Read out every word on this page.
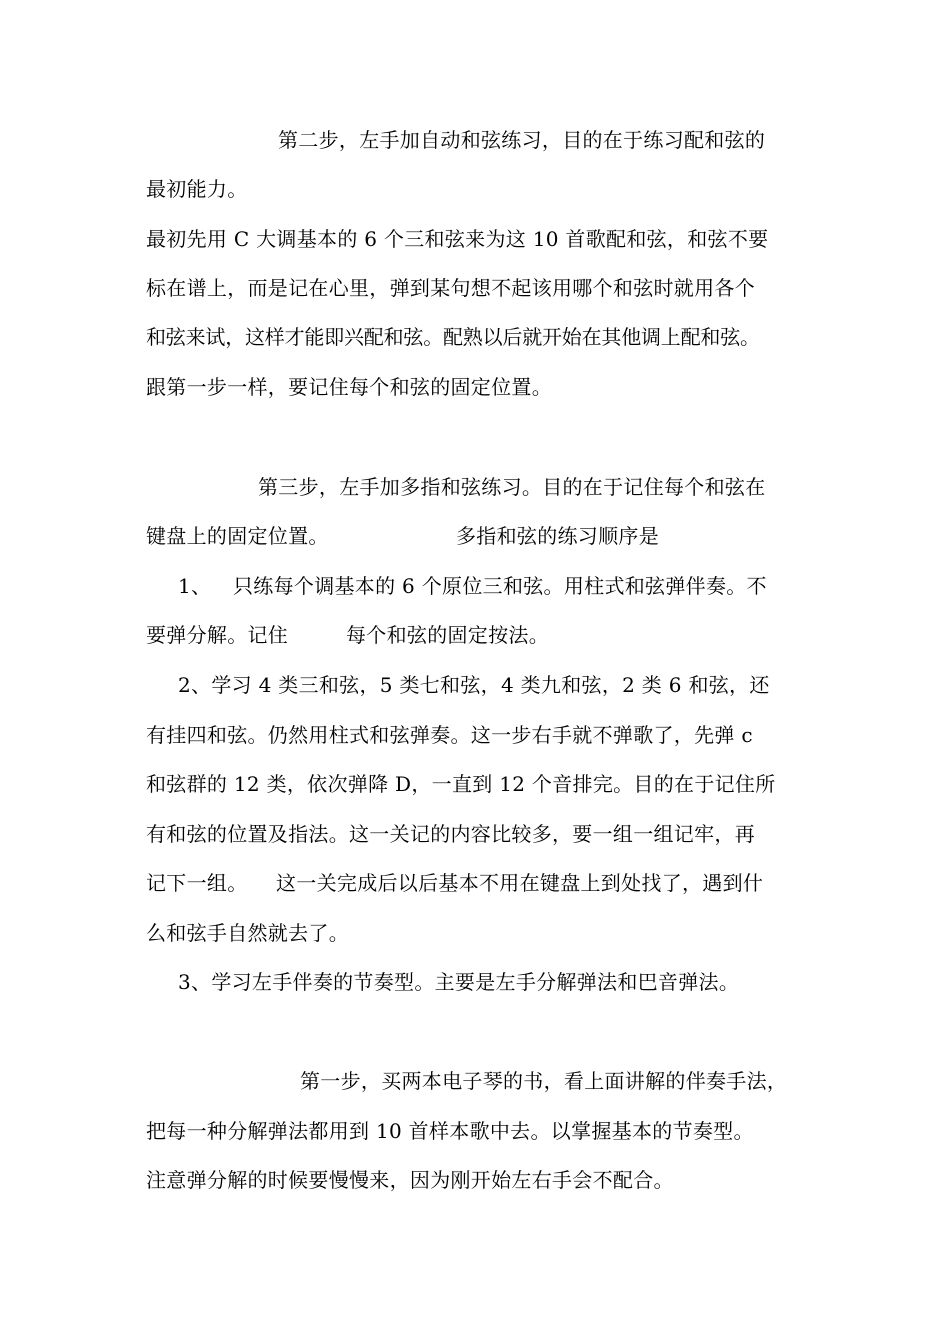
第二步，左手加自动和弦练习，目的在于练习配和弦的
最初能力。
最初先用 C 大调基本的 6 个三和弦来为这 10 首歌配和弦，和弦不要
标在谱上，而是记在心里，弹到某句想不起该用哪个和弦时就用各个
和弦来试，这样才能即兴配和弦。配熟以后就开始在其他调上配和弦。
跟第一步一样，要记住每个和弦的固定位置。
第三步，左手加多指和弦练习。目的在于记住每个和弦在
键盘上的固定位置。	多指和弦的练习顺序是
1、 只练每个调基本的 6 个原位三和弦。用柱式和弦弹伴奏。不
要弹分解。记住	每个和弦的固定按法。
2、学习 4 类三和弦，5 类七和弦，4 类九和弦，2 类 6 和弦，还
有挂四和弦。仍然用柱式和弦弹奏。这一步右手就不弹歌了，先弹 c
和弦群的 12 类，依次弹降 D，一直到 12 个音排完。目的在于记住所
有和弦的位置及指法。这一关记的内容比较多，要一组一组记牢，再
记下一组。 这一关完成后以后基本不用在键盘上到处找了，遇到什
么和弦手自然就去了。
3、学习左手伴奏的节奏型。主要是左手分解弹法和巴音弹法。
第一步，买两本电子琴的书，看上面讲解的伴奏手法，
把每一种分解弹法都用到 10 首样本歌中去。以掌握基本的节奏型。
注意弹分解的时候要慢慢来，因为刚开始左右手会不配合。
